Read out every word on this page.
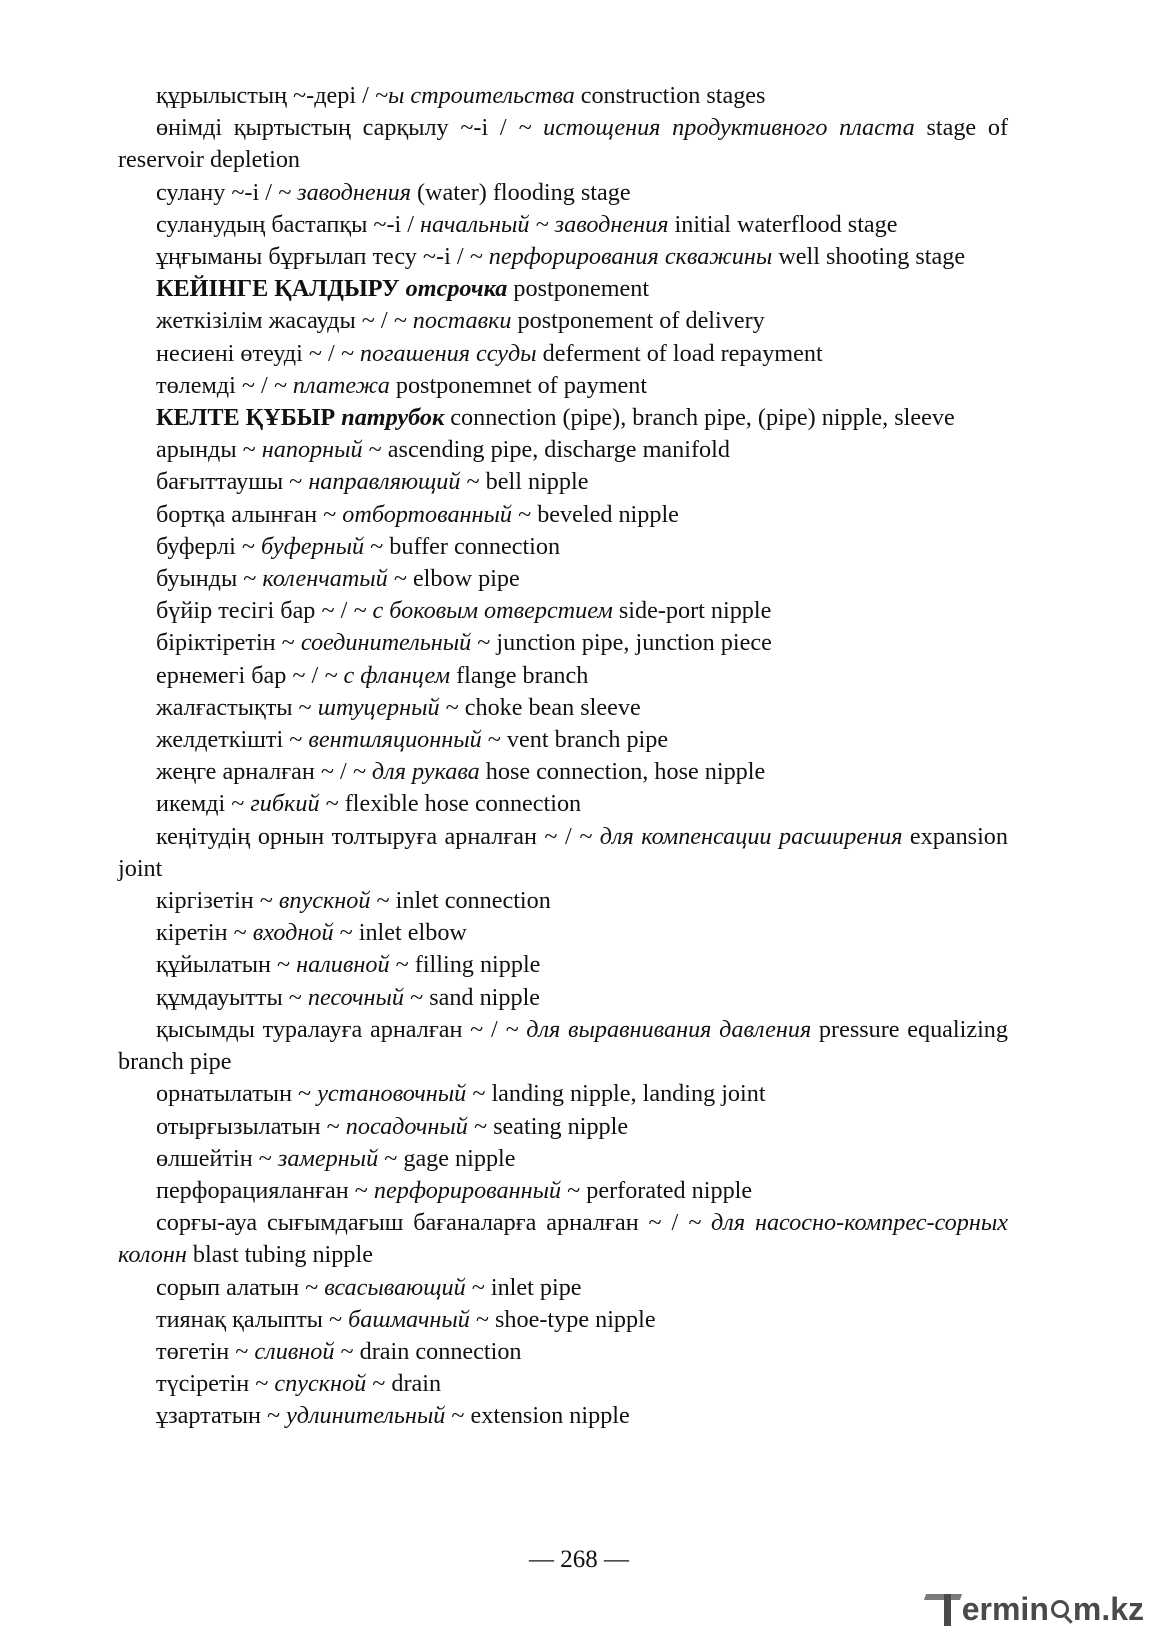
құрылыстың ~-дері / ~ы строительства construction stages

өнімді қыртыстың сарқылу ~-і / ~ истощения продуктивного пласта stage of reservoir depletion

сулану ~-і / ~ заводнения (water) flooding stage

суланудың бастапқы ~-і / начальный ~ заводнения initial waterflood stage

ұңғыманы бұрғылап тесу ~-і / ~ перфорирования скважины well shooting stage

КЕЙІНГЕ ҚАЛДЫРУ отсрочка postponement

жеткізілім жасауды ~ / ~ поставки postponement of delivery

несиені өтеуді ~ / ~ погашения ссуды deferment of load repayment

төлемді ~ / ~ платежа postponemnet of payment

КЕЛТЕ ҚҰБЫР патрубок connection (pipe), branch pipe, (pipe) nipple, sleeve

арынды ~ напорный ~ ascending pipe, discharge manifold

бағыттаушы ~ направляющий ~ bell nipple

бортқа алынған ~ отбортованный ~ beveled nipple

буферлі ~ буферный ~ buffer connection

буынды ~ коленчатый ~ elbow pipe

бүйір тесігі бар ~ / ~ с боковым отверстием side-port nipple

біріктіретін ~ соединительный ~ junction pipe, junction piece

ернемегі бар ~ / ~ с фланцем flange branch

жалғастықты ~ штуцерный ~ choke bean sleeve

желдеткішті ~ вентиляционный ~ vent branch pipe

жеңге арналған ~ / ~ для рукава hose connection, hose nipple

икемді ~ гибкий ~ flexible hose connection

кеңітудің орнын толтыруға арналған ~ / ~ для компенсации расширения expansion joint

кіргізетін ~ впускной ~ inlet connection

кіретін ~ входной ~ inlet elbow

құйылатын ~ наливной ~ filling nipple

құмдауытты ~ песочный ~ sand nipple

қысымды туралауға арналған ~ / ~ для выравнивания давления pressure equalizing branch pipe

орнатылатын ~ установочный ~ landing nipple, landing joint

отырғызылатын ~ посадочный ~ seating nipple

өлшейтін ~ замерный ~ gage nipple

перфорацияланған ~ перфорированный ~ perforated nipple

сорғы-ауа сығымдағыш бағаналарға арналған ~ / ~ для насосно-компрес-сорных колонн blast tubing nipple

сорып алатын ~ всасывающий ~ inlet pipe

тиянақ қалыпты ~ башмачный ~ shoe-type nipple

төгетін ~ сливной ~ drain connection

түсіретін ~ спускной ~ drain

ұзартатын ~ удлинительный ~ extension nipple

— 268 —
ermin m.kz
